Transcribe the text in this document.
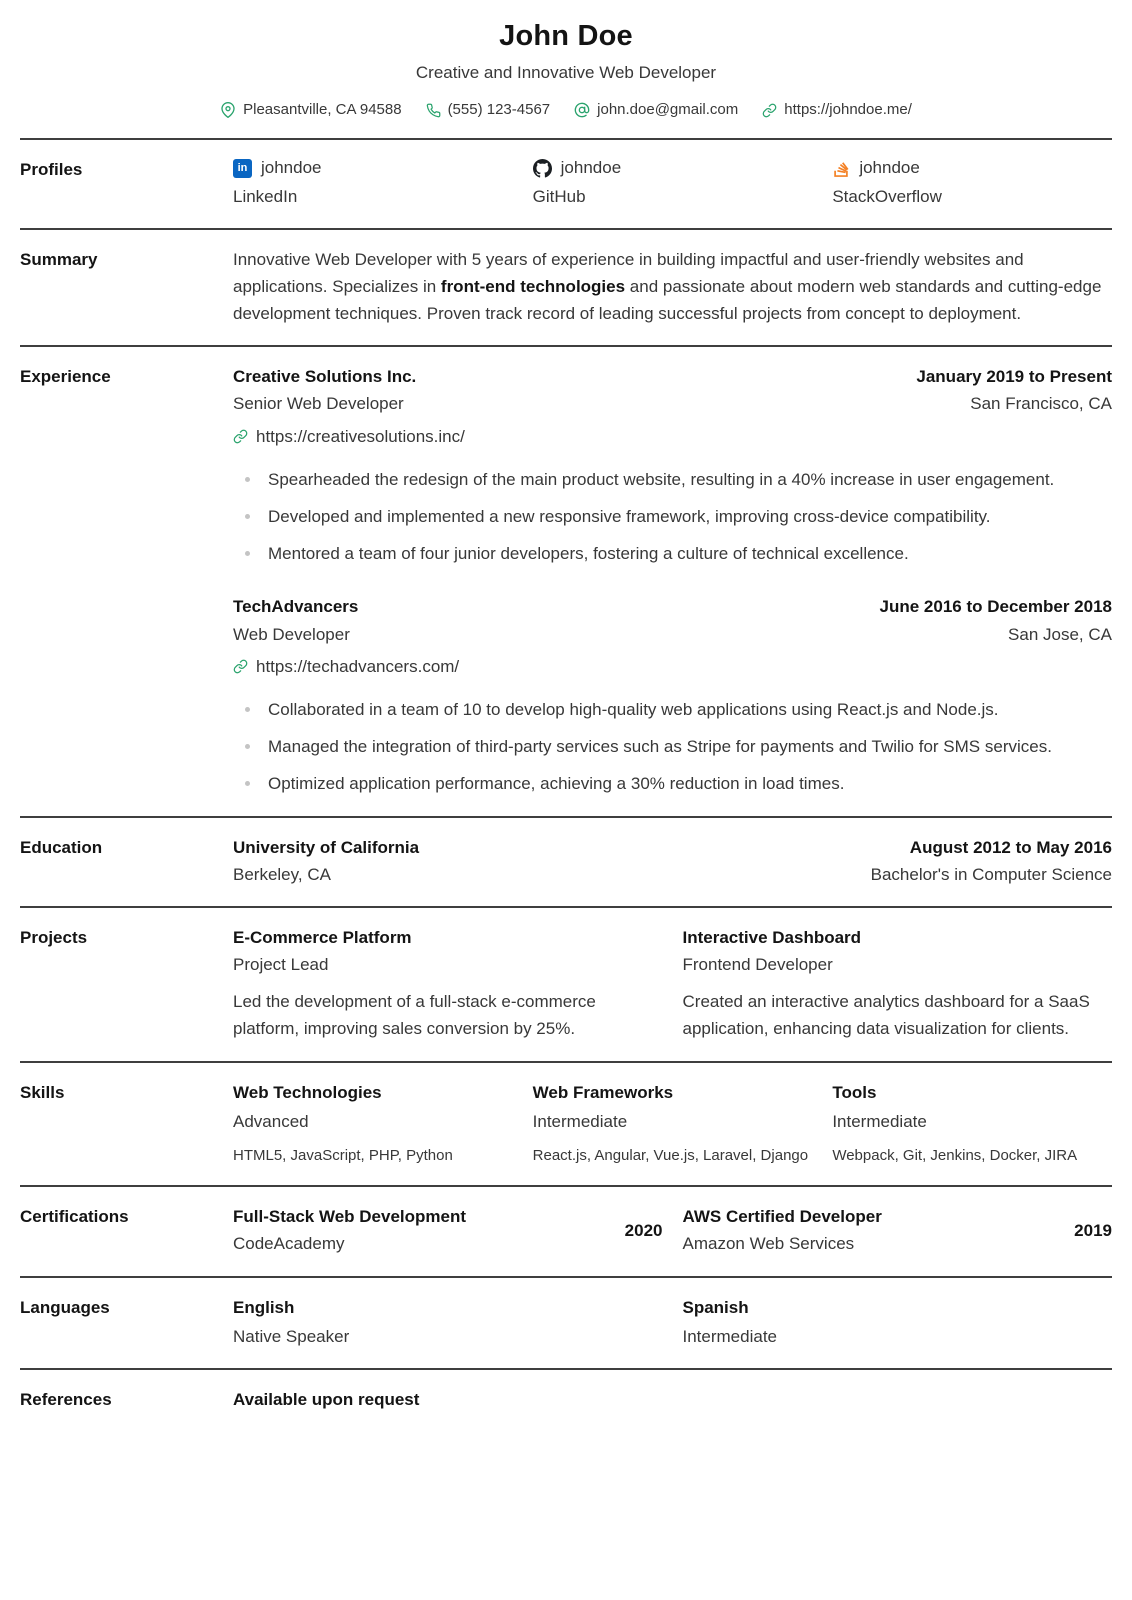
John Doe
Creative and Innovative Web Developer
Pleasantville, CA 94588	(555) 123-4567	john.doe@gmail.com	https://johndoe.me/
Profiles	in johndoe
LinkedIn
johndoe
GitHub
johndoe
StackOverflow
Summary	Innovative Web Developer with 5 years of experience in building impactful and user-friendly websites and applications. Specializes in front-end technologies and passionate about modern web standards and cutting-edge development techniques. Proven track record of leading successful projects from concept to deployment.

Experience	Creative Solutions Inc.	January 2019 to Present
Senior Web Developer	San Francisco, CA
https://creativesolutions.inc/
Spearheaded the redesign of the main product website, resulting in a 40% increase in user engagement.
Developed and implemented a new responsive framework, improving cross-device compatibility.
Mentored a team of four junior developers, fostering a culture of technical excellence.
TechAdvancers	June 2016 to December 2018
Web Developer	San Jose, CA
https://techadvancers.com/
Collaborated in a team of 10 to develop high-quality web applications using React.js and Node.js.
Managed the integration of third-party services such as Stripe for payments and Twilio for SMS services.
Optimized application performance, achieving a 30% reduction in load times.
Education	University of California	August 2012 to May 2016
Berkeley, CA	Bachelor's in Computer Science
Projects	E-Commerce Platform
Project Lead
Led the development of a full-stack e-commerce platform, improving sales conversion by 25%.
Interactive Dashboard
Frontend Developer
Created an interactive analytics dashboard for a SaaS application, enhancing data visualization for clients.
Skills	Web Technologies
Advanced
HTML5, JavaScript, PHP, Python
Web Frameworks
Intermediate
React.js, Angular, Vue.js, Laravel, Django
Tools
Intermediate
Webpack, Git, Jenkins, Docker, JIRA
Certifications	Full-Stack Web Development
CodeAcademy
2020
AWS Certified Developer
Amazon Web Services
2019
Languages	English
Native Speaker
Spanish
Intermediate
References	Available upon request
